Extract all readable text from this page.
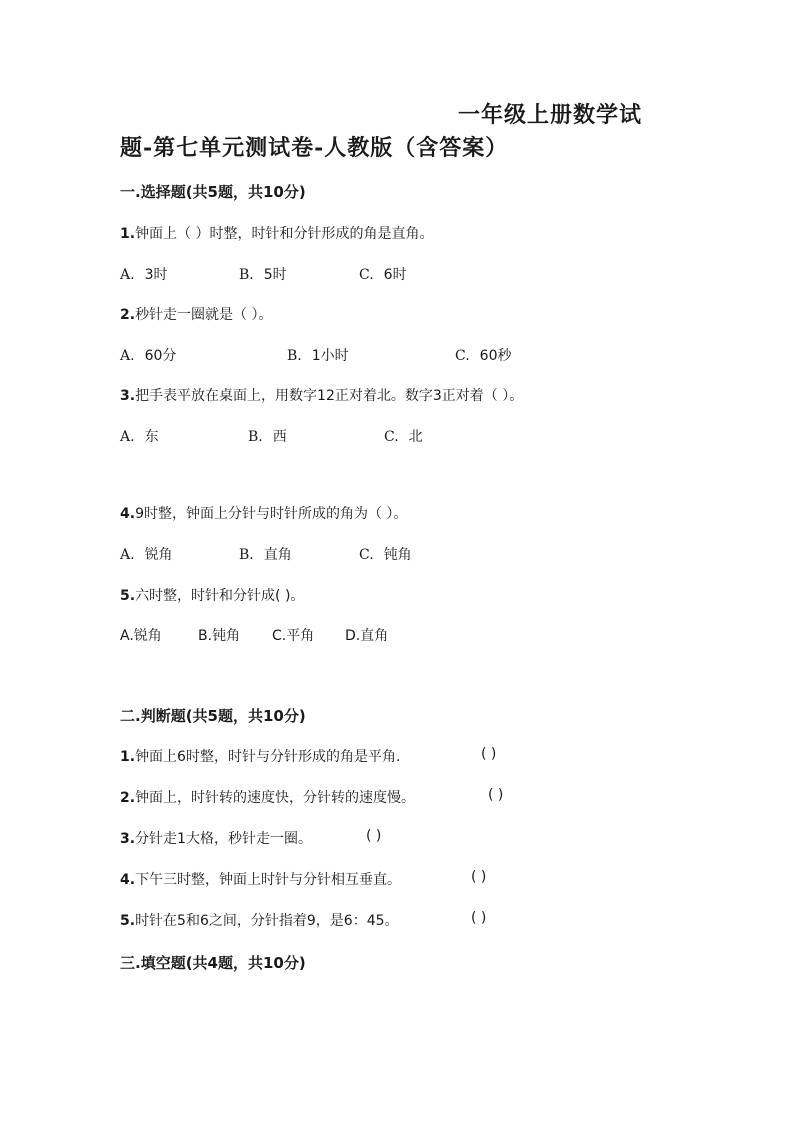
一年级上册数学试
题-第七单元测试卷-人教版（含答案）
一.选择题(共5题，共10分)
1.钟面上（ ）时整，时针和分针形成的角是直角。
A. 3时	B. 5时	C. 6时
2.秒针走一圈就是（ ）。
A. 60分	B. 1小时	C. 60秒
3.把手表平放在桌面上，用数字12正对着北。数字3正对着（ ）。
A. 东	B. 西	C. 北
4.9时整，钟面上分针与时针所成的角为（ ）。
A. 锐角	B. 直角	C. 钝角
5.六时整，时针和分针成( )。
A.锐角	B.钝角 C.平角 D.直角
二.判断题(共5题，共10分)
1.钟面上6时整，时针与分针形成的角是平角.	( )
2.钟面上，时针转的速度快，分针转的速度慢。	( )
3.分针走1大格，秒针走一圈。	( )
4.下午三时整，钟面上时针与分针相互垂直。	( )
5.时针在5和6之间，分针指着9，是6：45。	( )
三.填空题(共4题，共10分)
